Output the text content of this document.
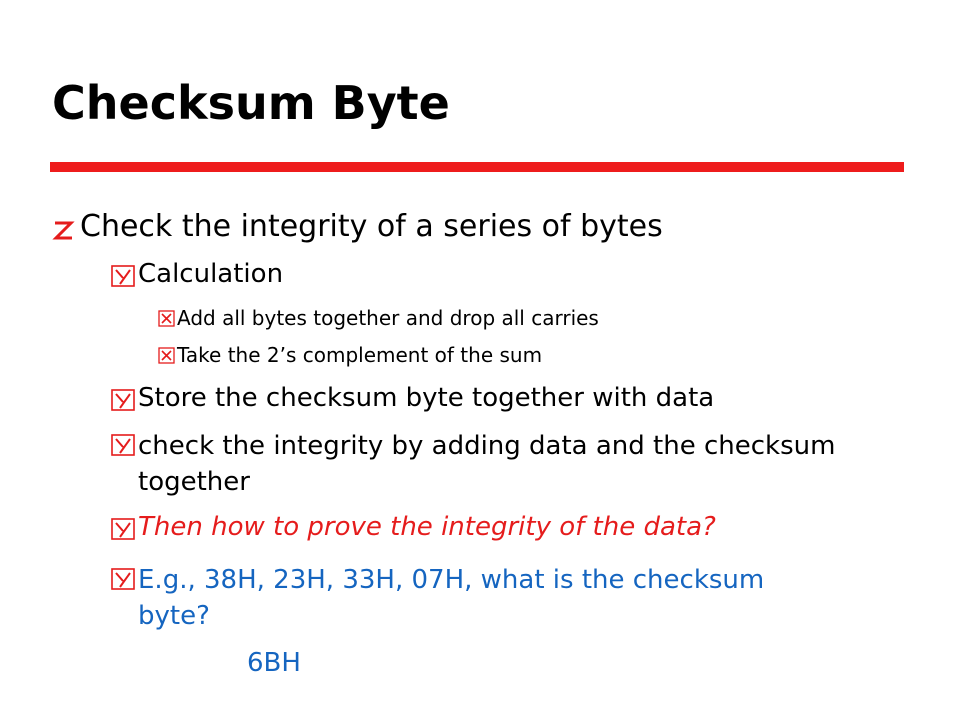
Checksum Byte
Check the integrity of a series of bytes
Calculation
Add all bytes together and drop all carries
Take the 2’s complement of the sum
Store the checksum byte together with data
check the integrity by adding data and the checksum together
Then how to prove the integrity of the data?
E.g., 38H, 23H, 33H, 07H, what is the checksum byte?
6BH
